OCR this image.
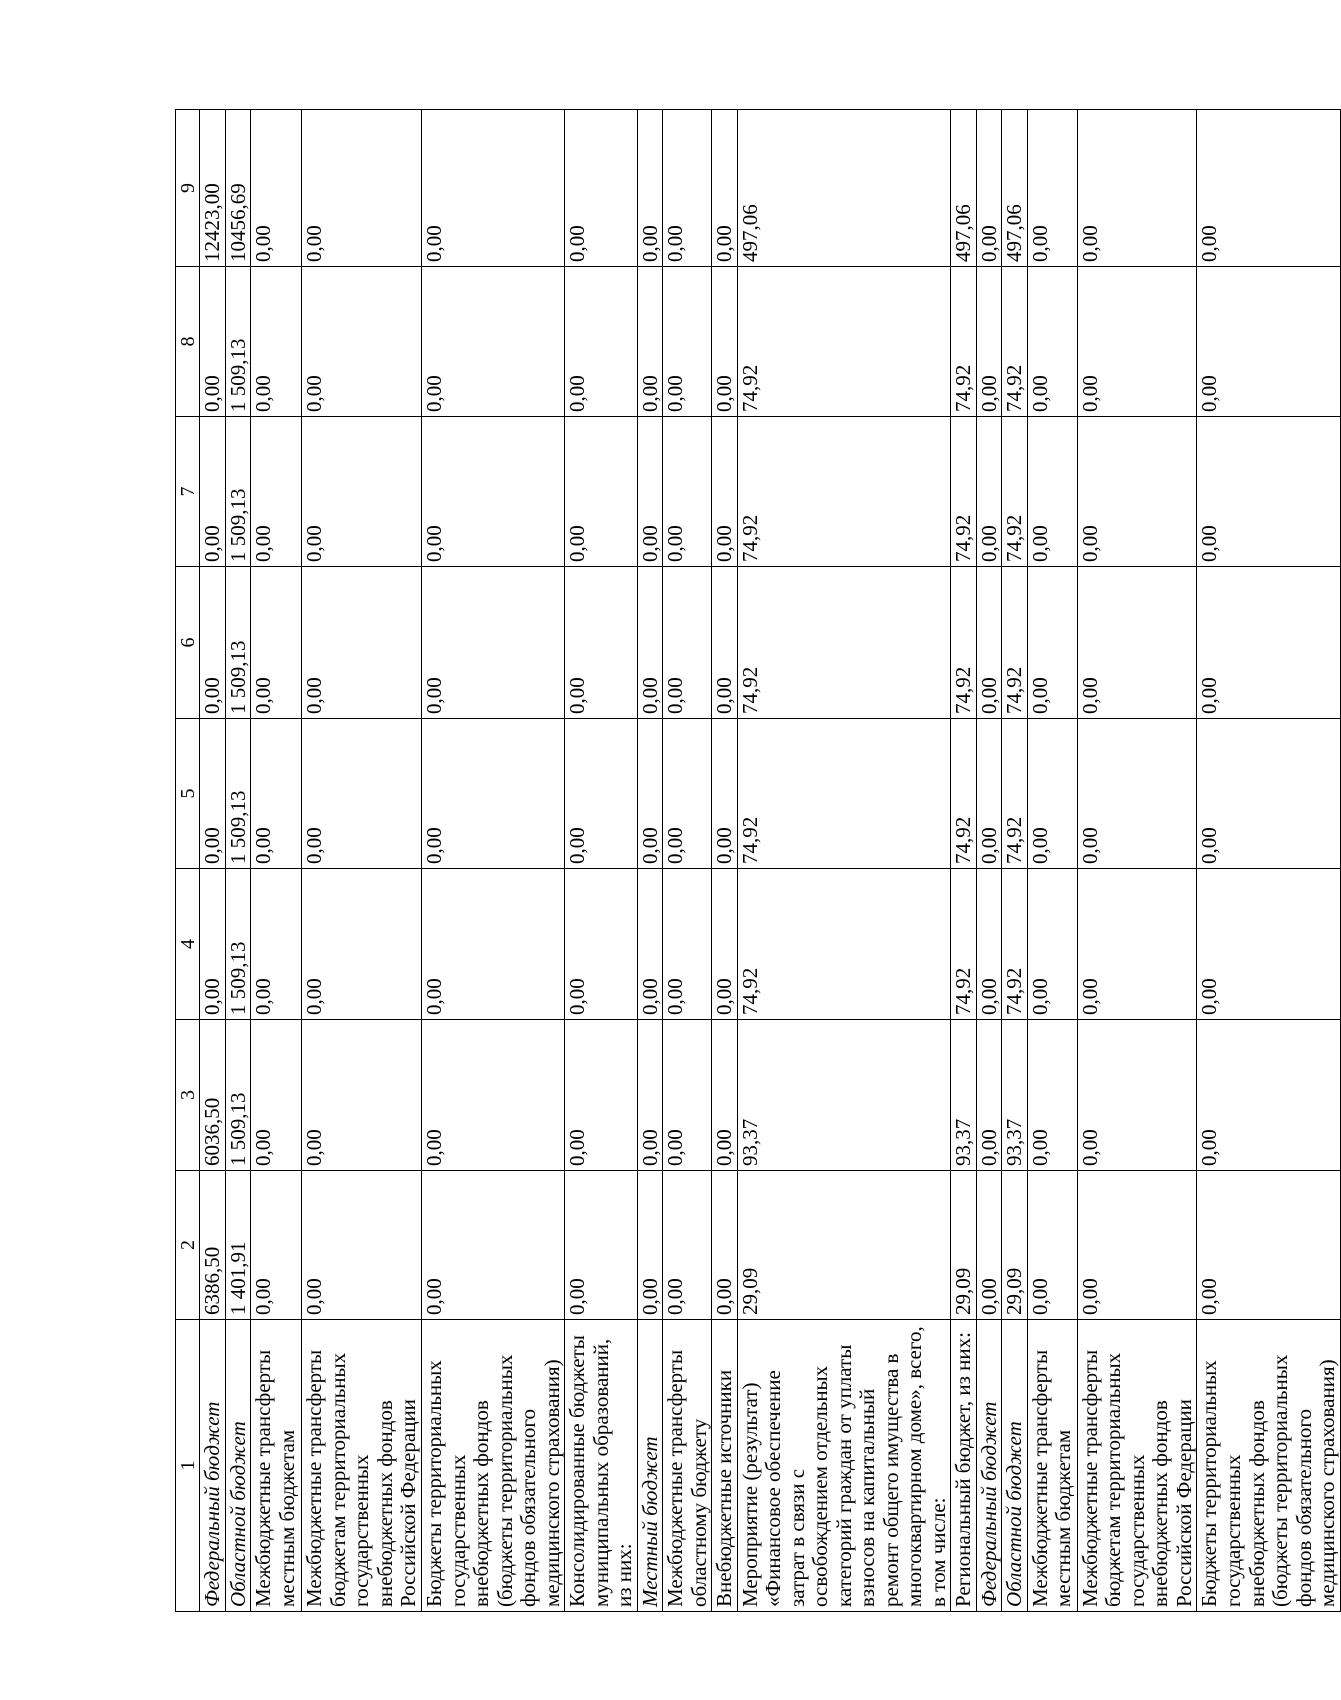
1	2	3	4	5	6	7	8	9
Федеральный бюджет	6386,50	6036,50	0,00	0,00	0,00	0,00	0,00	12423,00
Областной бюджет	1 401,91	1 509,13	1 509,13	1 509,13	1 509,13	1 509,13	1 509,13	10456,69
Межбюджетные трансферты местным бюджетам	0,00	0,00	0,00	0,00	0,00	0,00	0,00	0,00
Межбюджетные трансферты бюджетам территориальных государственных внебюджетных фондов Российской Федерации	0,00	0,00	0,00	0,00	0,00	0,00	0,00	0,00
Бюджеты территориальных государственных внебюджетных фондов (бюджеты территориальных фондов обязательного медицинского страхования)	0,00	0,00	0,00	0,00	0,00	0,00	0,00	0,00
Консолидированные бюджеты муниципальных образований, из них:	0,00	0,00	0,00	0,00	0,00	0,00	0,00	0,00
Местный бюджет	0,00	0,00	0,00	0,00	0,00	0,00	0,00	0,00
Межбюджетные трансферты областному бюджету	0,00	0,00	0,00	0,00	0,00	0,00	0,00	0,00
Внебюджетные источники	0,00	0,00	0,00	0,00	0,00	0,00	0,00	0,00
Мероприятие (результат) «Финансовое обеспечение затрат в связи с освобождением отдельных категорий граждан от уплаты взносов на капитальный ремонт общего имущества в многоквартирном доме», всего, в том числе:	29,09	93,37	74,92	74,92	74,92	74,92	74,92	497,06
Региональный бюджет, из них:	29,09	93,37	74,92	74,92	74,92	74,92	74,92	497,06
Федеральный бюджет	0,00	0,00	0,00	0,00	0,00	0,00	0,00	0,00
Областной бюджет	29,09	93,37	74,92	74,92	74,92	74,92	74,92	497,06
Межбюджетные трансферты местным бюджетам	0,00	0,00	0,00	0,00	0,00	0,00	0,00	0,00
Межбюджетные трансферты бюджетам территориальных государственных внебюджетных фондов Российской Федерации	0,00	0,00	0,00	0,00	0,00	0,00	0,00	0,00
Бюджеты территориальных государственных внебюджетных фондов (бюджеты территориальных фондов обязательного медицинского страхования)	0,00	0,00	0,00	0,00	0,00	0,00	0,00	0,00
